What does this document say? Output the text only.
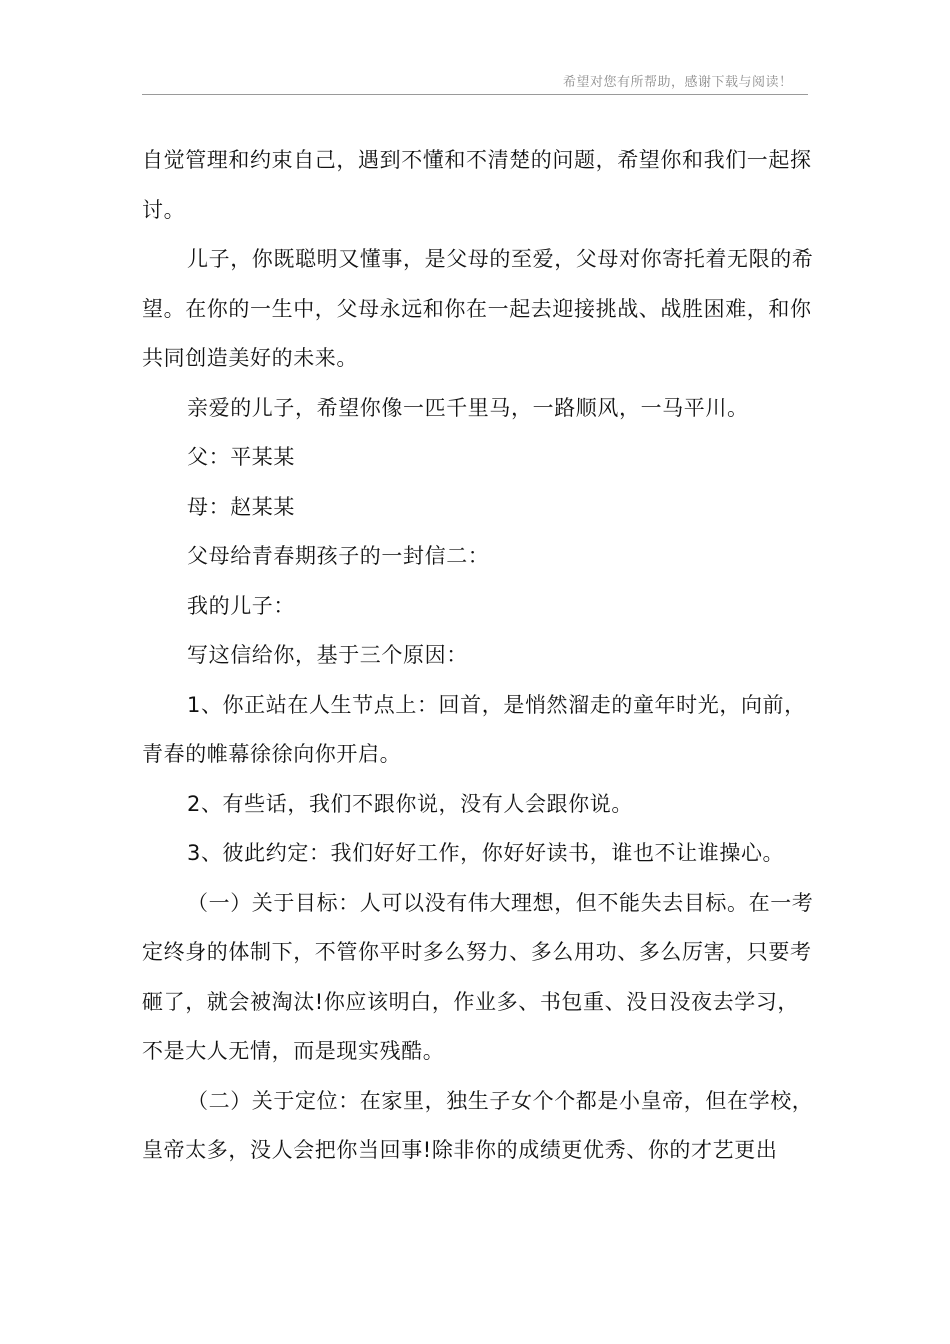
希望对您有所帮助，感谢下载与阅读！

自觉管理和约束自己，遇到不懂和不清楚的问题，希望你和我们一起探讨。

儿子，你既聪明又懂事，是父母的至爱，父母对你寄托着无限的希望。在你的一生中，父母永远和你在一起去迎接挑战、战胜困难，和你共同创造美好的未来。

亲爱的儿子，希望你像一匹千里马，一路顺风，一马平川。

父：平某某

母：赵某某

父母给青春期孩子的一封信二：

我的儿子：

写这信给你，基于三个原因：

1、你正站在人生节点上：回首，是悄然溜走的童年时光，向前，青春的帷幕徐徐向你开启。

2、有些话，我们不跟你说，没有人会跟你说。

3、彼此约定：我们好好工作，你好好读书，谁也不让谁操心。

（一）关于目标：人可以没有伟大理想，但不能失去目标。在一考定终身的体制下，不管你平时多么努力、多么用功、多么厉害，只要考砸了，就会被淘汰!你应该明白，作业多、书包重、没日没夜去学习，不是大人无情，而是现实残酷。

（二）关于定位：在家里，独生子女个个都是小皇帝，但在学校，皇帝太多，没人会把你当回事!除非你的成绩更优秀、你的才艺更出
